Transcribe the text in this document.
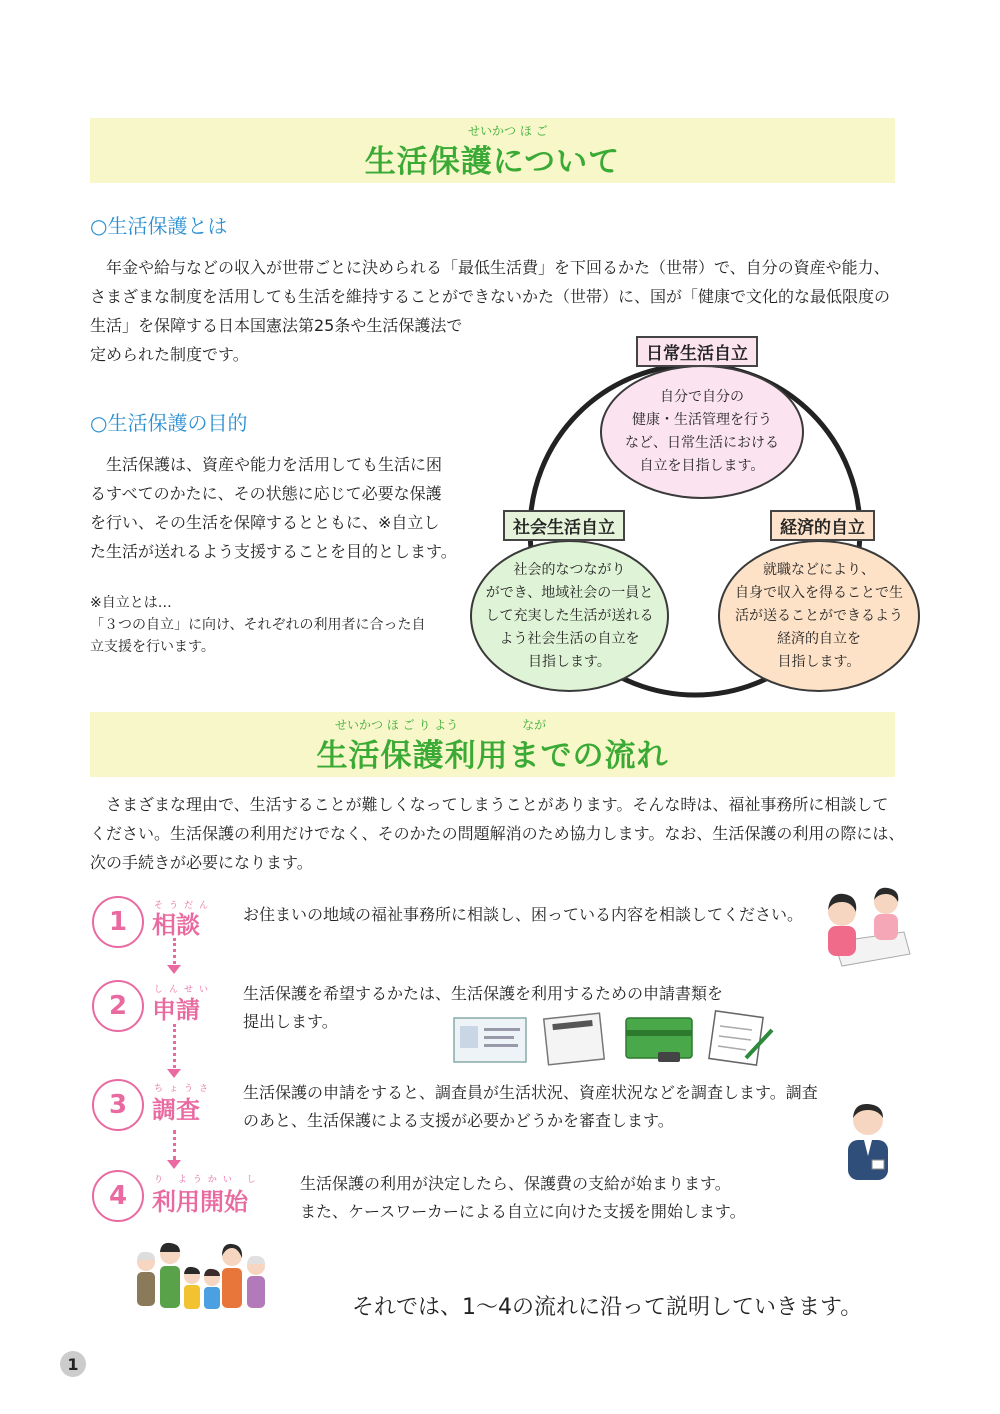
せいかつ ほ ご
生活保護について
○生活保護とは
　年金や給与などの収入が世帯ごとに決められる「最低生活費」を下回るかた（世帯）で、自分の資産や能力、
さまざまな制度を活用しても生活を維持することができないかた（世帯）に、国が「健康で文化的な最低限度の
生活」を保障する日本国憲法第25条や生活保護法で
定められた制度です。
○生活保護の目的
　生活保護は、資産や能力を活用しても生活に困
るすべてのかたに、その状態に応じて必要な保護
を行い、その生活を保障するとともに、※自立し
た生活が送れるよう支援することを目的とします。
※自立とは…
「３つの自立」に向け、それぞれの利用者に合った自
立支援を行います。
自分で自分の
健康・生活管理を行う
など、日常生活における
自立を目指します。
日常生活自立
社会的なつながり
ができ、地域社会の一員と
して充実した生活が送れる
よう社会生活の自立を
目指します。
社会生活自立
就職などにより、
自身で収入を得ることで生
活が送ることができるよう
経済的自立を
目指します。
経済的自立
せいかつ ほ ご り よう　　　　　 なが
生活保護利用までの流れ
　さまざまな理由で、生活することが難しくなってしまうことがあります。そんな時は、福祉事務所に相談して
ください。生活保護の利用だけでなく、そのかたの問題解消のため協力します。なお、生活保護の利用の際には、
次の手続きが必要になります。
1
そうだん
相談	お住まいの地域の福祉事務所に相談し、困っている内容を相談してください。
2
しんせい
申請
生活保護を希望するかたは、生活保護を利用するための申請書類を
提出します。
3
ちょうさ
調査
生活保護の申請をすると、調査員が生活状況、資産状況などを調査します。調査
のあと、生活保護による支援が必要かどうかを審査します。
4
り ようかい し
利用開始
生活保護の利用が決定したら、保護費の支給が始まります。
また、ケースワーカーによる自立に向けた支援を開始します。
それでは、1～4の流れに沿って説明していきます。
1
